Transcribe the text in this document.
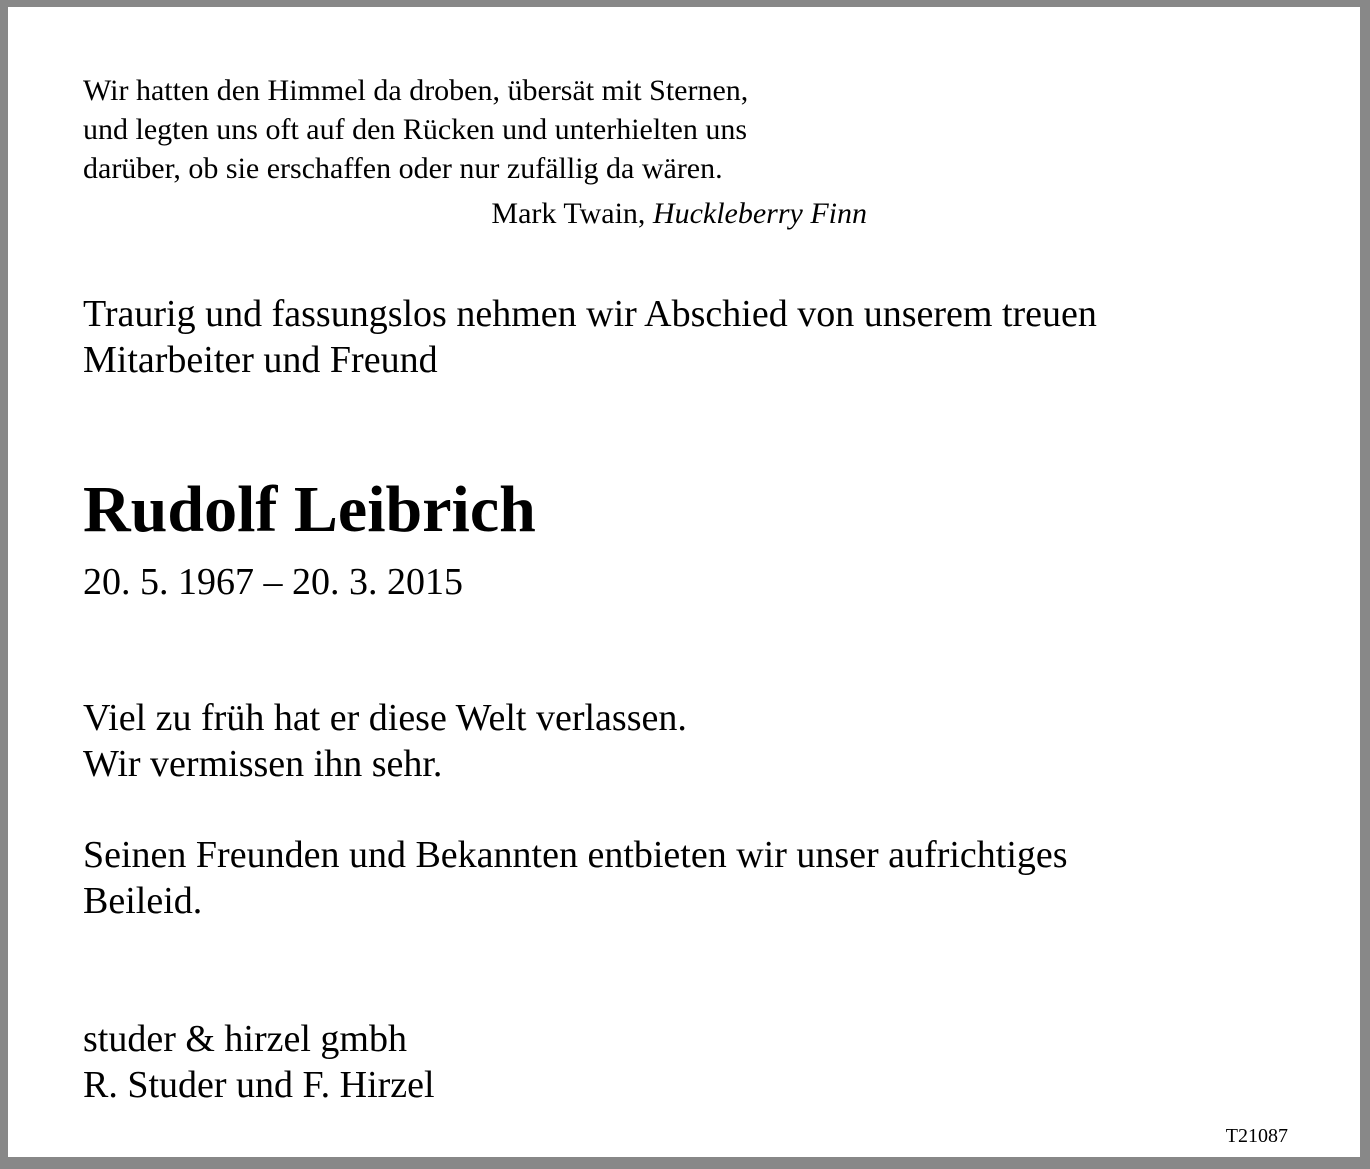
Wir hatten den Himmel da droben, übersät mit Sternen,
und legten uns oft auf den Rücken und unterhielten uns
darüber, ob sie erschaffen oder nur zufällig da wären.
Mark Twain, Huckleberry Finn
Traurig und fassungslos nehmen wir Abschied von unserem treuen
Mitarbeiter und Freund
Rudolf Leibrich
20. 5. 1967 – 20. 3. 2015
Viel zu früh hat er diese Welt verlassen.
Wir vermissen ihn sehr.
Seinen Freunden und Bekannten entbieten wir unser aufrichtiges
Beileid.
studer & hirzel gmbh
R. Studer und F. Hirzel
T21087
